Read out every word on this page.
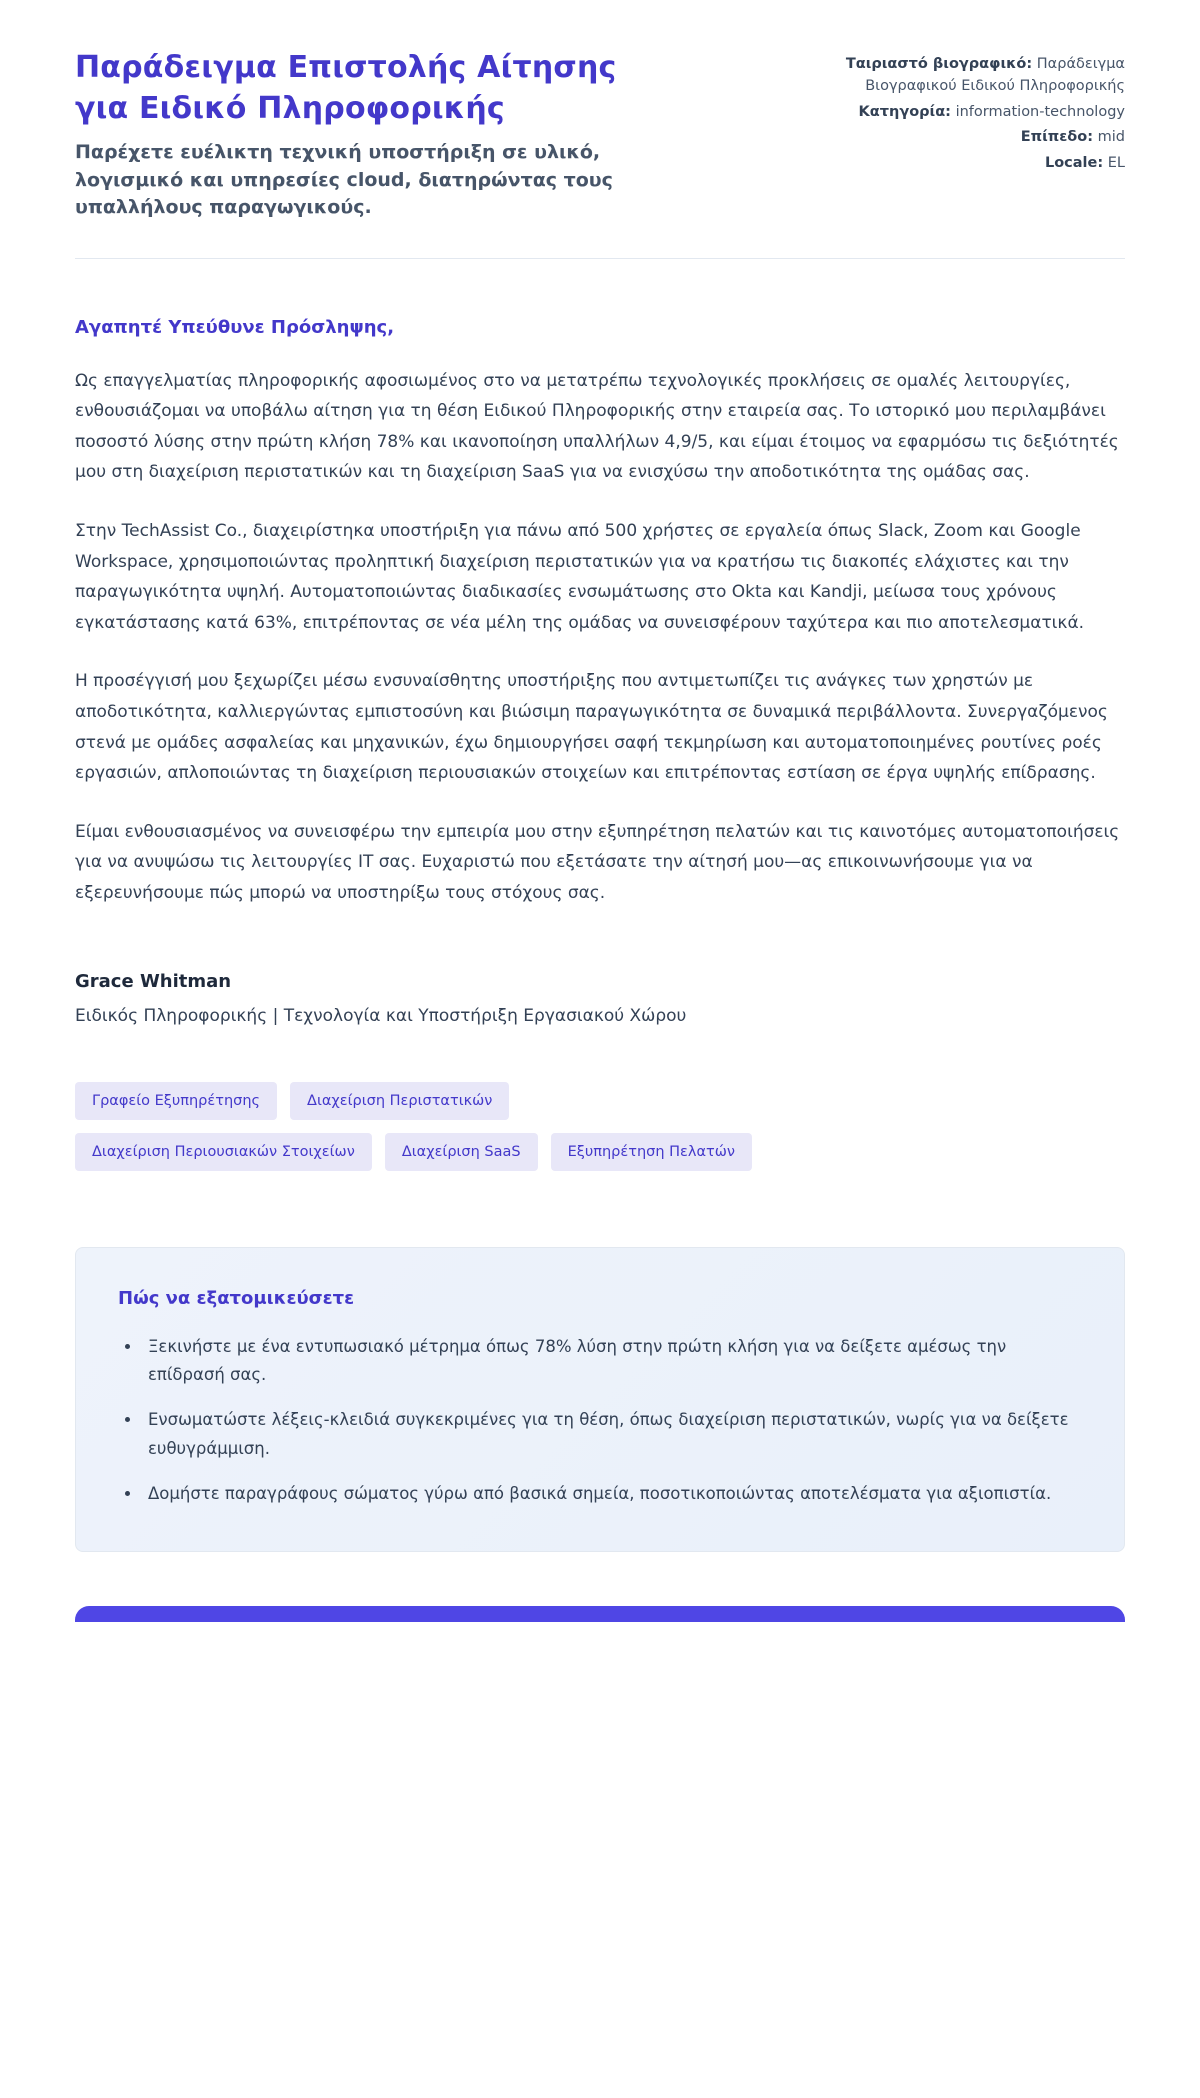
Παράδειγμα Επιστολής Αίτησης για Ειδικό Πληροφορικής

Παρέχετε ευέλικτη τεχνική υποστήριξη σε υλικό, λογισμικό και υπηρεσίες cloud, διατηρώντας τους υπαλλήλους παραγωγικούς.

Ταιριαστό βιογραφικό: Παράδειγμα Βιογραφικού Ειδικού Πληροφορικής
Κατηγορία: information-technology
Επίπεδο: mid
Locale: EL

Αγαπητέ Υπεύθυνε Πρόσληψης,

Ως επαγγελματίας πληροφορικής αφοσιωμένος στο να μετατρέπω τεχνολογικές προκλήσεις σε ομαλές λειτουργίες, ενθουσιάζομαι να υποβάλω αίτηση για τη θέση Ειδικού Πληροφορικής στην εταιρεία σας. Το ιστορικό μου περιλαμβάνει ποσοστό λύσης στην πρώτη κλήση 78% και ικανοποίηση υπαλλήλων 4,9/5, και είμαι έτοιμος να εφαρμόσω τις δεξιότητές μου στη διαχείριση περιστατικών και τη διαχείριση SaaS για να ενισχύσω την αποδοτικότητα της ομάδας σας.

Στην TechAssist Co., διαχειρίστηκα υποστήριξη για πάνω από 500 χρήστες σε εργαλεία όπως Slack, Zoom και Google Workspace, χρησιμοποιώντας προληπτική διαχείριση περιστατικών για να κρατήσω τις διακοπές ελάχιστες και την παραγωγικότητα υψηλή. Αυτοματοποιώντας διαδικασίες ενσωμάτωσης στο Okta και Kandji, μείωσα τους χρόνους εγκατάστασης κατά 63%, επιτρέποντας σε νέα μέλη της ομάδας να συνεισφέρουν ταχύτερα και πιο αποτελεσματικά.

Η προσέγγισή μου ξεχωρίζει μέσω ενσυναίσθητης υποστήριξης που αντιμετωπίζει τις ανάγκες των χρηστών με αποδοτικότητα, καλλιεργώντας εμπιστοσύνη και βιώσιμη παραγωγικότητα σε δυναμικά περιβάλλοντα. Συνεργαζόμενος στενά με ομάδες ασφαλείας και μηχανικών, έχω δημιουργήσει σαφή τεκμηρίωση και αυτοματοποιημένες ρουτίνες ροές εργασιών, απλοποιώντας τη διαχείριση περιουσιακών στοιχείων και επιτρέποντας εστίαση σε έργα υψηλής επίδρασης.

Είμαι ενθουσιασμένος να συνεισφέρω την εμπειρία μου στην εξυπηρέτηση πελατών και τις καινοτόμες αυτοματοποιήσεις για να ανυψώσω τις λειτουργίες IT σας. Ευχαριστώ που εξετάσατε την αίτησή μου—ας επικοινωνήσουμε για να εξερευνήσουμε πώς μπορώ να υποστηρίξω τους στόχους σας.

Grace Whitman

Ειδικός Πληροφορικής | Τεχνολογία και Υποστήριξη Εργασιακού Χώρου

Γραφείο Εξυπηρέτησης	Διαχείριση Περιστατικών
Διαχείριση Περιουσιακών Στοιχείων	Διαχείριση SaaS	Εξυπηρέτηση Πελατών
Πώς να εξατομικεύσετε
• Ξεκινήστε με ένα εντυπωσιακό μέτρημα όπως 78% λύση στην πρώτη κλήση για να δείξετε αμέσως την επίδρασή σας.
• Ενσωματώστε λέξεις-κλειδιά συγκεκριμένες για τη θέση, όπως διαχείριση περιστατικών, νωρίς για να δείξετε ευθυγράμμιση.
• Δομήστε παραγράφους σώματος γύρω από βασικά σημεία, ποσοτικοποιώντας αποτελέσματα για αξιοπιστία.
